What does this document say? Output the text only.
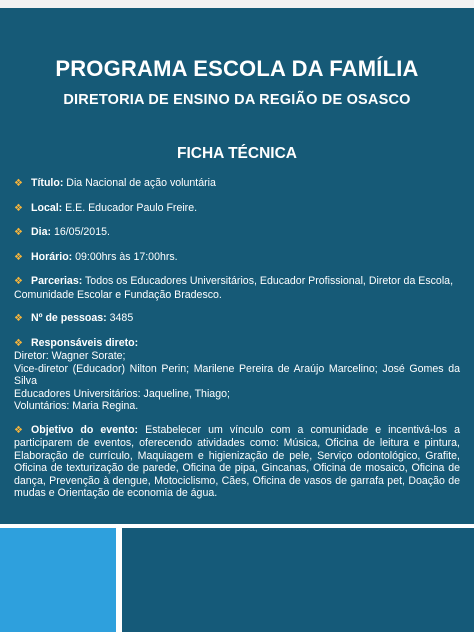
PROGRAMA ESCOLA DA FAMÍLIA
DIRETORIA DE ENSINO DA REGIÃO DE OSASCO
FICHA TÉCNICA
❖ Título: Dia Nacional de ação voluntária
❖ Local: E.E. Educador Paulo Freire.
❖ Dia: 16/05/2015.
❖ Horário: 09:00hrs às 17:00hrs.
❖ Parcerias: Todos os Educadores Universitários, Educador Profissional, Diretor da Escola, Comunidade Escolar e Fundação Bradesco.
❖ Nº de pessoas: 3485
❖ Responsáveis direto:
Diretor: Wagner Sorate;
Vice-diretor (Educador) Nilton Perin; Marilene Pereira de Araújo Marcelino; José Gomes da Silva
Educadores Universitários: Jaqueline, Thiago;
Voluntários: Maria Regina.
❖ Objetivo do evento: Estabelecer um vínculo com a comunidade e incentivá-los a participarem de eventos, oferecendo atividades como: Música, Oficina de leitura e pintura, Elaboração de currículo, Maquiagem e higienização de pele, Serviço odontológico, Grafite, Oficina de texturização de parede, Oficina de pipa, Gincanas, Oficina de mosaico, Oficina de dança, Prevenção à dengue, Motociclismo, Cães, Oficina de vasos de garrafa pet, Doação de mudas e Orientação de economia de água.
